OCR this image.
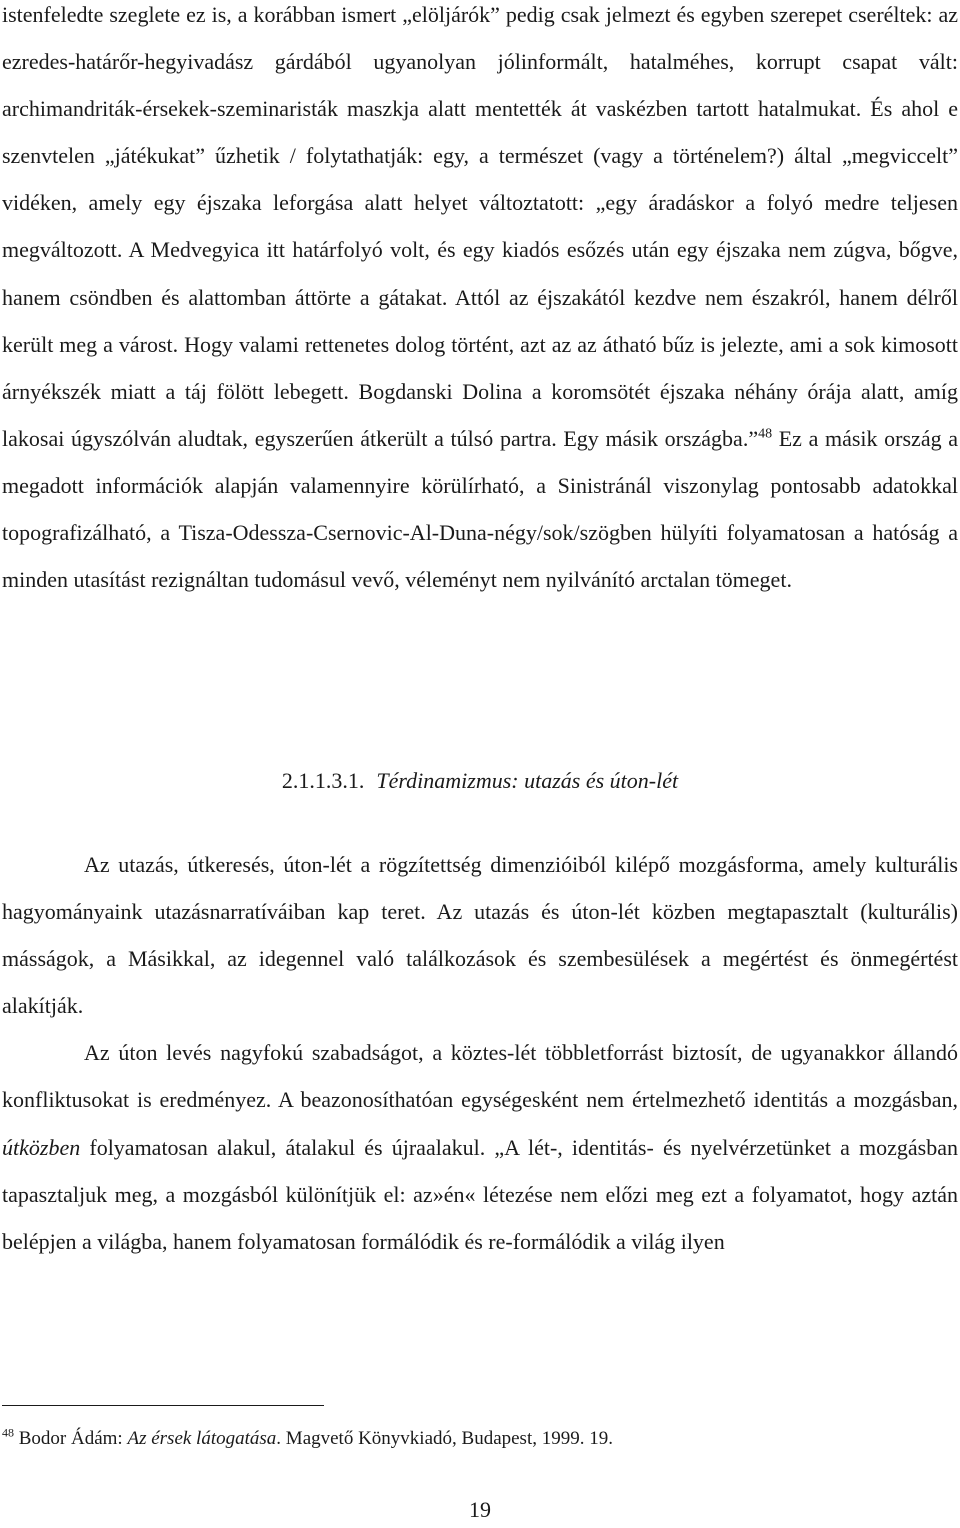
istenfeledte szeglete ez is, a korábban ismert „elöljárók” pedig csak jelmezt és egyben szerepet cseréltek: az ezredes-határőr-hegyivadász gárdából ugyanolyan jólinformált, hatalméhes, korrupt csapat vált: archimandriták-érsekek-szeminaristák maszkja alatt mentették át vaskézben tartott hatalmukat. És ahol e szenvtelen „játékukat” űzhetik / folytathatják: egy, a természet (vagy a történelem?) által „megviccelt” vidéken, amely egy éjszaka leforgása alatt helyet változtatott: „egy áradáskor a folyó medre teljesen megváltozott. A Medvegyica itt határfolyó volt, és egy kiadós esőzés után egy éjszaka nem zúgva, bőgve, hanem csöndben és alattomban áttörte a gátakat. Attól az éjszakától kezdve nem északról, hanem délről került meg a várost. Hogy valami rettenetes dolog történt, azt az az átható bűz is jelezte, ami a sok kimosott árnyékszék miatt a táj fölött lebegett. Bogdanski Dolina a koromsötét éjszaka néhány órája alatt, amíg lakosai úgyszólván aludtak, egyszerűen átkerült a túlsó partra. Egy másik országba.”$^{48}$ Ez a másik ország a megadott információk alapján valamennyire körülírható, a Sinistránál viszonylag pontosabb adatokkal topografizálható, a Tisza-Odessza-Csernovic-Al-Duna-négy/sok/szögben hülyíti folyamatosan a hatóság a minden utasítást rezignáltan tudomásul vevő, véleményt nem nyilvánító arctalan tömeget.

2.1.1.3.1. Térdinamizmus: utazás és úton-lét

Az utazás, útkeresés, úton-lét a rögzítettség dimenzióiból kilépő mozgásforma, amely kulturális hagyományaink utazásnarratíváiban kap teret. Az utazás és úton-lét közben megtapasztalt (kulturális) másságok, a Másikkal, az idegennel való találkozások és szembesülések a megértést és önmegértést alakítják.

Az úton levés nagyfokú szabadságot, a köztes-lét többletforrást biztosít, de ugyanakkor állandó konfliktusokat is eredményez. A beazonosíthatóan egységesként nem értelmezhető identitás a mozgásban, útközben folyamatosan alakul, átalakul és újraalakul. „A lét-, identitás- és nyelvérzetünket a mozgásban tapasztaljuk meg, a mozgásból különítjük el: az»én« létezése nem előzi meg ezt a folyamatot, hogy aztán belépjen a világba, hanem folyamatosan formálódik és re-formálódik a világ ilyen

$^{48}$ Bodor Ádám: Az érsek látogatása. Magvető Könyvkiadó, Budapest, 1999. 19.
19
